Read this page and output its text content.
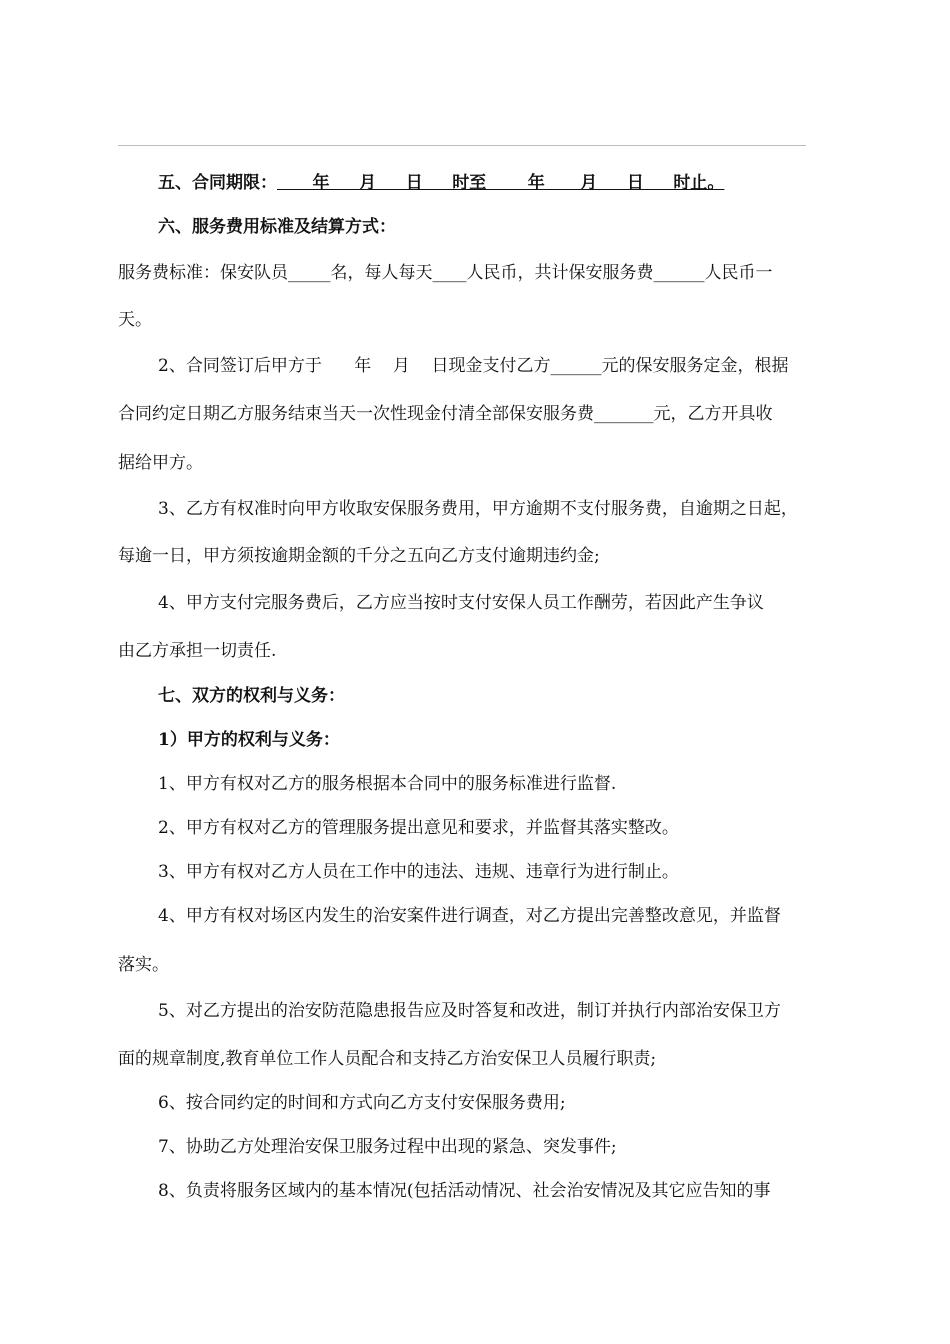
五、合同期限：      年     月     日     时至       年      月     日     时止。
六、服务费用标准及结算方式：
服务费标准：保安队员_____名，每人每天____人民币，共计保安服务费______人民币一
天。
2、合同签订后甲方于      年    月    日现金支付乙方______元的保安服务定金，根据
合同约定日期乙方服务结束当天一次性现金付清全部保安服务费_______元，乙方开具收
据给甲方。
3、乙方有权准时向甲方收取安保服务费用，甲方逾期不支付服务费，自逾期之日起，
每逾一日，甲方须按逾期金额的千分之五向乙方支付逾期违约金;
4、甲方支付完服务费后，乙方应当按时支付安保人员工作酬劳，若因此产生争议
由乙方承担一切责任.
七、双方的权利与义务：
1）甲方的权利与义务：
1、甲方有权对乙方的服务根据本合同中的服务标准进行监督.
2、甲方有权对乙方的管理服务提出意见和要求，并监督其落实整改。
3、甲方有权对乙方人员在工作中的违法、违规、违章行为进行制止。
4、甲方有权对场区内发生的治安案件进行调查，对乙方提出完善整改意见，并监督
落实。
5、对乙方提出的治安防范隐患报告应及时答复和改进，制订并执行内部治安保卫方
面的规章制度,教育单位工作人员配合和支持乙方治安保卫人员履行职责;
6、按合同约定的时间和方式向乙方支付安保服务费用;
7、协助乙方处理治安保卫服务过程中出现的紧急、突发事件;
8、负责将服务区域内的基本情况(包括活动情况、社会治安情况及其它应告知的事
